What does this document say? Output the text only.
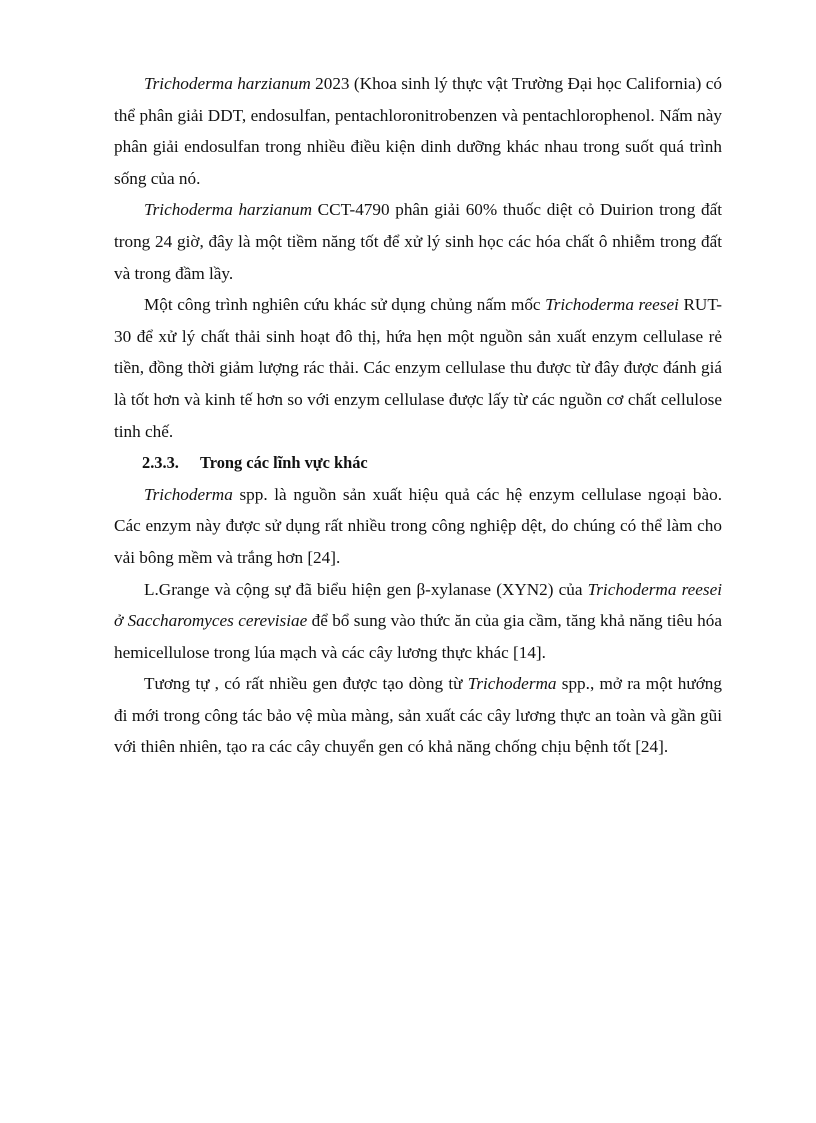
Trichoderma harzianum 2023 (Khoa sinh lý thực vật Trường Đại học California) có thể phân giải DDT, endosulfan, pentachloronitrobenzen và pentachlorophenol. Nấm này phân giải endosulfan trong nhiều điều kiện dinh dưỡng khác nhau trong suốt quá trình sống của nó.

Trichoderma harzianum CCT-4790 phân giải 60% thuốc diệt cỏ Duirion trong đất trong 24 giờ, đây là một tiềm năng tốt để xử lý sinh học các hóa chất ô nhiễm trong đất và trong đầm lầy.

Một công trình nghiên cứu khác sử dụng chủng nấm mốc Trichoderma reesei RUT-30 để xử lý chất thải sinh hoạt đô thị, hứa hẹn một nguồn sản xuất enzym cellulase rẻ tiền, đồng thời giảm lượng rác thải. Các enzym cellulase thu được từ đây được đánh giá là tốt hơn và kinh tế hơn so với enzym cellulase được lấy từ các nguồn cơ chất cellulose tinh chế.

2.3.3. Trong các lĩnh vực khác

Trichoderma spp. là nguồn sản xuất hiệu quả các hệ enzym cellulase ngoại bào. Các enzym này được sử dụng rất nhiều trong công nghiệp dệt, do chúng có thể làm cho vải bông mềm và trắng hơn [24].

L.Grange và cộng sự đã biểu hiện gen β-xylanase (XYN2) của Trichoderma reesei ở Saccharomyces cerevisiae để bổ sung vào thức ăn của gia cầm, tăng khả năng tiêu hóa hemicellulose trong lúa mạch và các cây lương thực khác [14].

Tương tự , có rất nhiều gen được tạo dòng từ Trichoderma spp., mở ra một hướng đi mới trong công tác bảo vệ mùa màng, sản xuất các cây lương thực an toàn và gần gũi với thiên nhiên, tạo ra các cây chuyển gen có khả năng chống chịu bệnh tốt [24].
